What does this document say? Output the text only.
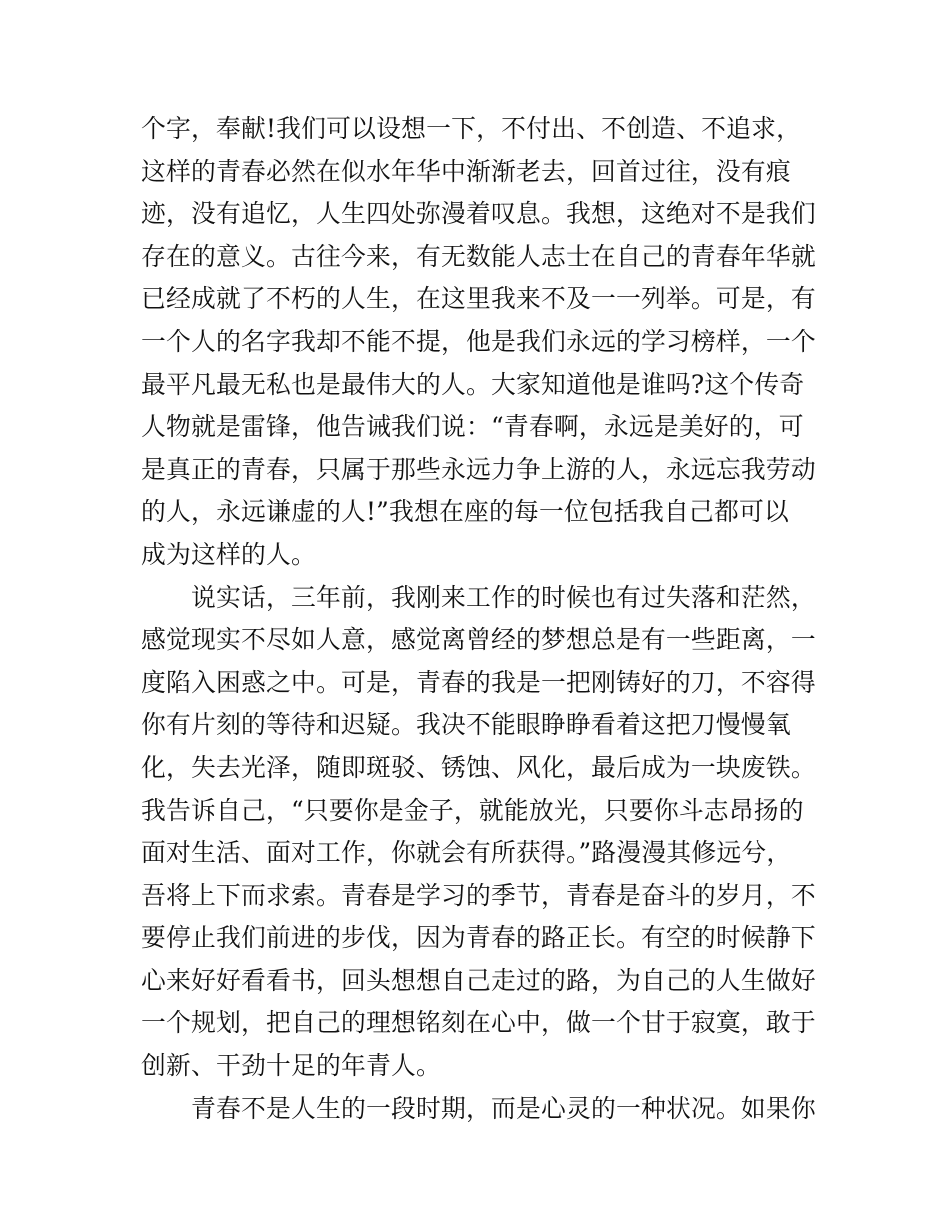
个字，奉献!我们可以设想一下，不付出、不创造、不追求，
这样的青春必然在似水年华中渐渐老去，回首过往，没有痕
迹，没有追忆，人生四处弥漫着叹息。我想，这绝对不是我们
存在的意义。古往今来，有无数能人志士在自己的青春年华就
已经成就了不朽的人生，在这里我来不及一一列举。可是，有
一个人的名字我却不能不提，他是我们永远的学习榜样，一个
最平凡最无私也是最伟大的人。大家知道他是谁吗?这个传奇
人物就是雷锋，他告诫我们说：“青春啊，永远是美好的，可
是真正的青春，只属于那些永远力争上游的人，永远忘我劳动
的人，永远谦虚的人!”我想在座的每一位包括我自己都可以
成为这样的人。
说实话，三年前，我刚来工作的时候也有过失落和茫然，
感觉现实不尽如人意，感觉离曾经的梦想总是有一些距离，一
度陷入困惑之中。可是，青春的我是一把刚铸好的刀，不容得
你有片刻的等待和迟疑。我决不能眼睁睁看着这把刀慢慢氧
化，失去光泽，随即斑驳、锈蚀、风化，最后成为一块废铁。
我告诉自己，“只要你是金子，就能放光，只要你斗志昂扬的
面对生活、面对工作，你就会有所获得。”路漫漫其修远兮，
吾将上下而求索。青春是学习的季节，青春是奋斗的岁月，不
要停止我们前进的步伐，因为青春的路正长。有空的时候静下
心来好好看看书，回头想想自己走过的路，为自己的人生做好
一个规划，把自己的理想铭刻在心中，做一个甘于寂寞，敢于
创新、干劲十足的年青人。
青春不是人生的一段时期，而是心灵的一种状况。如果你
